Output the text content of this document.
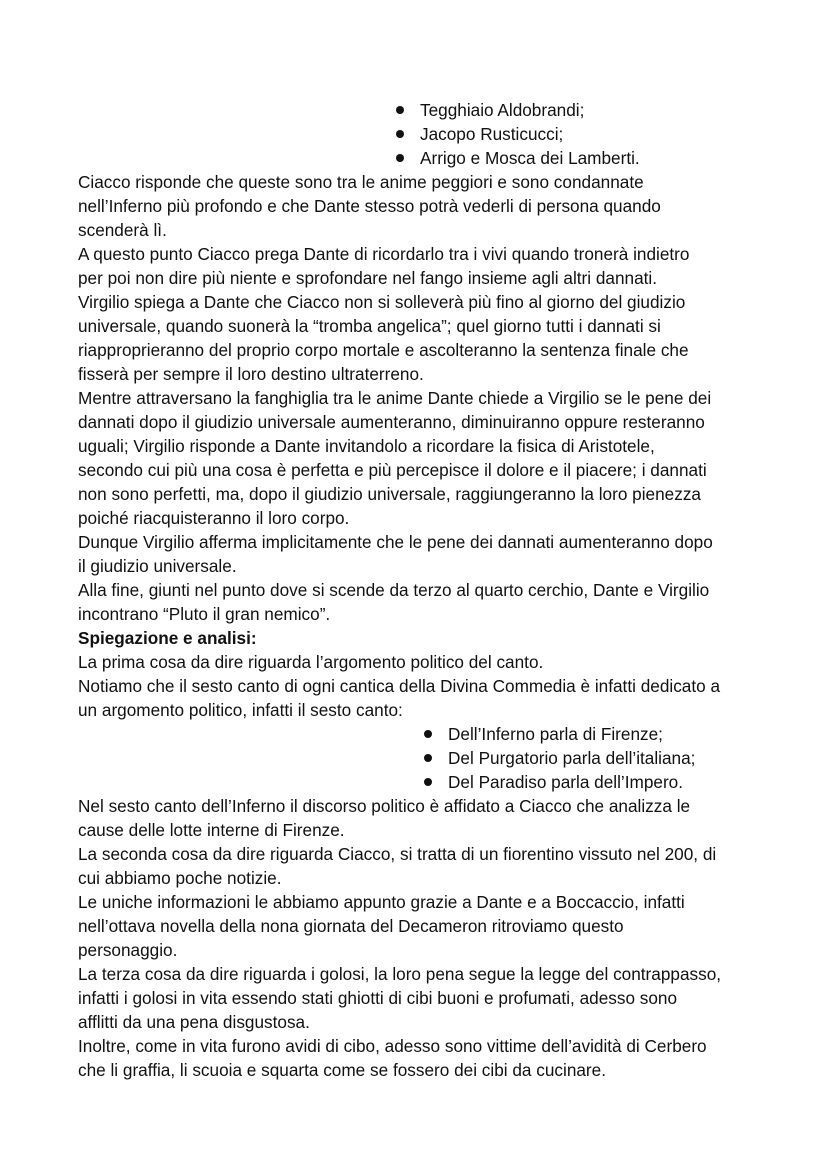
Tegghiaio Aldobrandi;
Jacopo Rusticucci;
Arrigo e Mosca dei Lamberti.

Ciacco risponde che queste sono tra le anime peggiori e sono condannate

nell’Inferno più profondo e che Dante stesso potrà vederli di persona quando

scenderà lì.

A questo punto Ciacco prega Dante di ricordarlo tra i vivi quando tronerà indietro

per poi non dire più niente e sprofondare nel fango insieme agli altri dannati.

Virgilio spiega a Dante che Ciacco non si solleverà più fino al giorno del giudizio

universale, quando suonerà la “tromba angelica”; quel giorno tutti i dannati si

riapproprieranno del proprio corpo mortale e ascolteranno la sentenza finale che

fisserà per sempre il loro destino ultraterreno.

Mentre attraversano la fanghiglia tra le anime Dante chiede a Virgilio se le pene dei

dannati dopo il giudizio universale aumenteranno, diminuiranno oppure resteranno

uguali; Virgilio risponde a Dante invitandolo a ricordare la fisica di Aristotele,

secondo cui più una cosa è perfetta e più percepisce il dolore e il piacere; i dannati

non sono perfetti, ma, dopo il giudizio universale, raggiungeranno la loro pienezza

poiché riacquisteranno il loro corpo.

Dunque Virgilio afferma implicitamente che le pene dei dannati aumenteranno dopo

il giudizio universale.

Alla fine, giunti nel punto dove si scende da terzo al quarto cerchio, Dante e Virgilio

incontrano “Pluto il gran nemico”.

Spiegazione e analisi:

La prima cosa da dire riguarda l’argomento politico del canto.

Notiamo che il sesto canto di ogni cantica della Divina Commedia è infatti dedicato a

un argomento politico, infatti il sesto canto:

Dell’Inferno parla di Firenze;
Del Purgatorio parla dell’italiana;
Del Paradiso parla dell’Impero.

Nel sesto canto dell’Inferno il discorso politico è affidato a Ciacco che analizza le

cause delle lotte interne di Firenze.

La seconda cosa da dire riguarda Ciacco, si tratta di un fiorentino vissuto nel 200, di

cui abbiamo poche notizie.

Le uniche informazioni le abbiamo appunto grazie a Dante e a Boccaccio, infatti

nell’ottava novella della nona giornata del Decameron ritroviamo questo

personaggio.

La terza cosa da dire riguarda i golosi, la loro pena segue la legge del contrappasso,

infatti i golosi in vita essendo stati ghiotti di cibi buoni e profumati, adesso sono

afflitti da una pena disgustosa.

Inoltre, come in vita furono avidi di cibo, adesso sono vittime dell’avidità di Cerbero

che li graffia, li scuoia e squarta come se fossero dei cibi da cucinare.
